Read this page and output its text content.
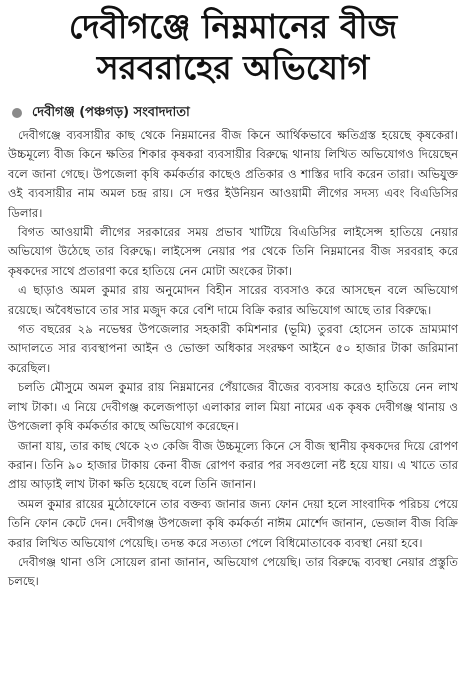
দেবীগঞ্জে নিম্নমানের বীজ
সরবরাহের অভিযোগ
দেবীগঞ্জ (পঞ্চগড়) সংবাদদাতা

দেবীগঞ্জে ব্যবসায়ীর কাছ থেকে নিম্নমানের বীজ কিনে আর্থিকভাবে ক্ষতিগ্রস্ত হয়েছে কৃষকেরা। উচ্চমূল্যে বীজ কিনে ক্ষতির শিকার কৃষকরা ব্যবসায়ীর বিরুদ্ধে থানায় লিখিত অভিযোগও দিয়েছেন বলে জানা গেছে। উপজেলা কৃষি কর্মকর্তার কাছেও প্রতিকার ও শাস্তির দাবি করেন তারা। অভিযুক্ত ওই ব্যবসায়ীর নাম অমল চন্দ্র রায়। সে দপ্তর ইউনিয়ন আওয়ামী লীগের সদস্য এবং বিএডিসির ডিলার।

বিগত আওয়ামী লীগের সরকারের সময় প্রভাব খাটিয়ে বিএডিসির লাইসেন্স হাতিয়ে নেয়ার অভিযোগ উঠেছে তার বিরুদ্ধে। লাইসেন্স নেয়ার পর থেকে তিনি নিম্নমানের বীজ সরবরাহ করে কৃষকদের সাথে প্রতারণা করে হাতিয়ে নেন মোটা অংকের টাকা।

এ ছাড়াও অমল কুমার রায় অনুমোদন বিহীন সারের ব্যবসাও করে আসছেন বলে অভিযোগ রয়েছে। অবৈধভাবে তার সার মজুদ করে বেশি দামে বিক্রি করার অভিযোগ আছে তার বিরুদ্ধে।

গত বছরের ২৯ নভেম্বর উপজেলার সহকারী কমিশনার (ভূমি) তুরবা হোসেন তাকে ভ্রাম্যমাণ আদালতে সার ব্যবস্থাপনা আইন ও ভোক্তা অধিকার সংরক্ষণ আইনে ৫০ হাজার টাকা জরিমানা করেছিল।

চলতি মৌসুমে অমল কুমার রায় নিম্নমানের পেঁয়াজের বীজের ব্যবসায় করেও হাতিয়ে নেন লাখ লাখ টাকা। এ নিয়ে দেবীগঞ্জ কলেজপাড়া এলাকার লাল মিয়া নামের এক কৃষক দেবীগঞ্জ থানায় ও উপজেলা কৃষি কর্মকর্তার কাছে অভিযোগ করেছেন।

জানা যায়, তার কাছ থেকে ২৩ কেজি বীজ উচ্চমূল্যে কিনে সে বীজ স্থানীয় কৃষকদের দিয়ে রোপণ করান। তিনি ৯০ হাজার টাকায় কেনা বীজ রোপণ করার পর সবগুলো নষ্ট হয়ে যায়। এ খাতে তার প্রায় আড়াই লাখ টাকা ক্ষতি হয়েছে বলে তিনি জানান।

অমল কুমার রায়ের মুঠোফোনে তার বক্তব্য জানার জন্য ফোন দেয়া হলে সাংবাদিক পরিচয় পেয়ে তিনি ফোন কেটে দেন। দেবীগঞ্জ উপজেলা কৃষি কর্মকর্তা নাঈম মোর্শেদ জানান, ভেজাল বীজ বিক্রি করার লিখিত অভিযোগ পেয়েছি। তদন্ত করে সত্যতা পেলে বিধিমোতাবেক ব্যবস্থা নেয়া হবে।

দেবীগঞ্জ থানা ওসি সোয়েল রানা জানান, অভিযোগ পেয়েছি। তার বিরুদ্ধে ব্যবস্থা নেয়ার প্রস্তুতি চলছে।
